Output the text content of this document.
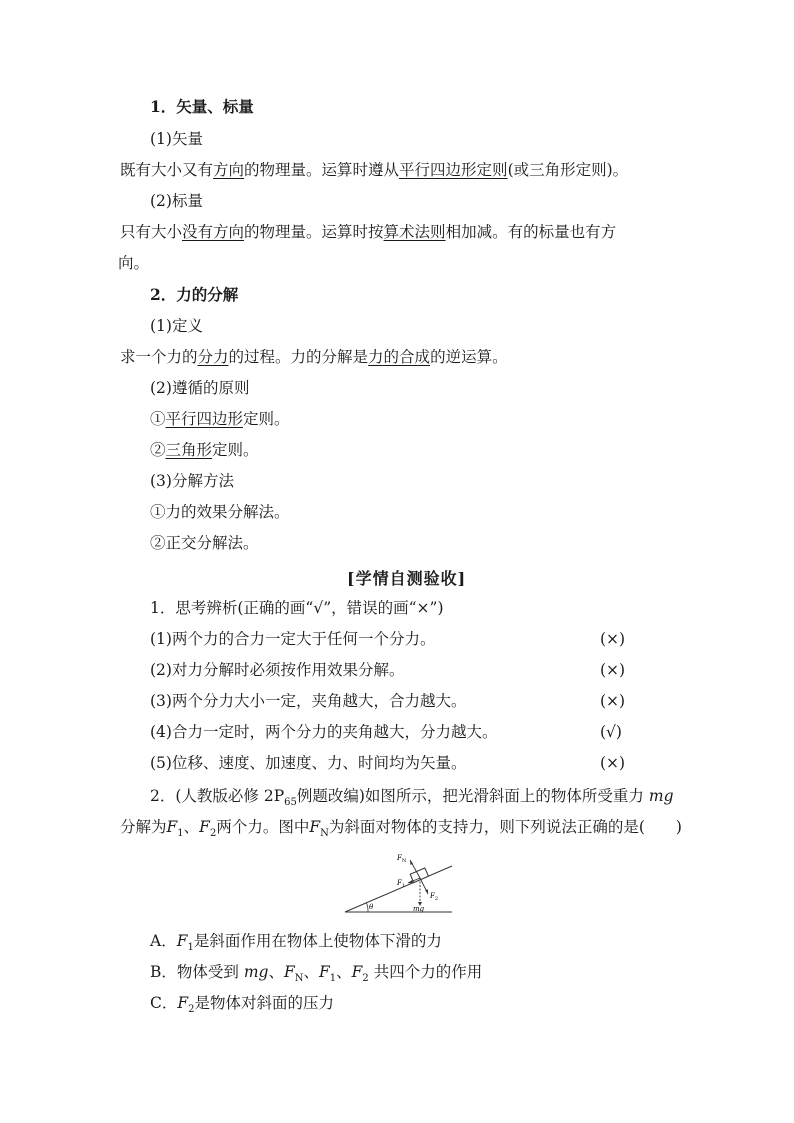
1．矢量、标量
(1)矢量
既有大小又有方向的物理量。运算时遵从平行四边形定则(或三角形定则)。
(2)标量
只有大小没有方向的物理量。运算时按算术法则相加减。有的标量也有方
向。
2．力的分解
(1)定义
求一个力的分力的过程。力的分解是力的合成的逆运算。
(2)遵循的原则
①平行四边形定则。
②三角形定则。
(3)分解方法
①力的效果分解法。
②正交分解法。
[学情自测验收]
1．思考辨析(正确的画“√”，错误的画“×”)
(1)两个力的合力一定大于任何一个分力。	(×)
(2)对力分解时必须按作用效果分解。	(×)
(3)两个分力大小一定，夹角越大，合力越大。	(×)
(4)合力一定时，两个分力的夹角越大，分力越大。	(√)
(5)位移、速度、加速度、力、时间均为矢量。	(×)
2．(人教版必修 $2P_{65}$例题改编)如图所示，把光滑斜面上的物体所受重力 mg
分解为$F_1$、$F_2$两个力。图中$F_N$为斜面对物体的支持力，则下列说法正确的是(　　)
$F_N$
$F_1$
$F_2$
θ	mg
A．$F_1$是斜面作用在物体上使物体下滑的力
B．物体受到 mg、$F_N$、$F_1$、$F_2$ 共四个力的作用
C．$F_2$是物体对斜面的压力
